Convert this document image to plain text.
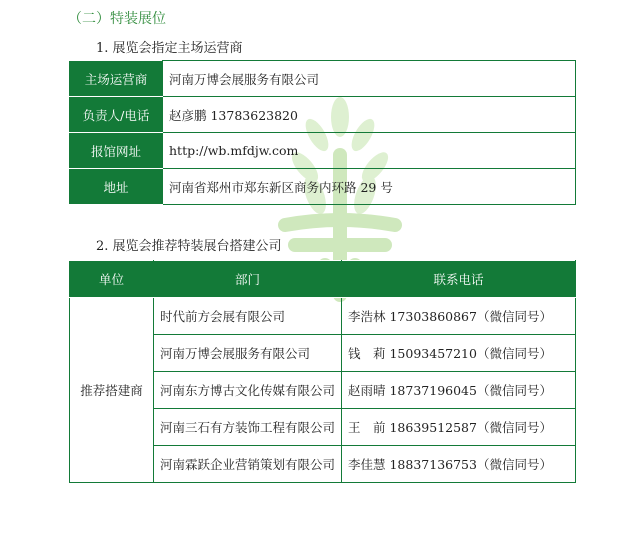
（二）特装展位
1. 展览会指定主场运营商
主场运营商	河南万博会展服务有限公司
负责人/电话	赵彦鹏 13783623820
报馆网址	http://wb.mfdjw.com
地址	河南省郑州市郑东新区商务内环路 29 号
2. 展览会推荐特装展台搭建公司
单位	部门	联系电话
推荐搭建商	时代前方会展有限公司	李浩林 17303860867（微信同号）
	河南万博会展服务有限公司	钱　莉 15093457210（微信同号）
	河南东方博古文化传媒有限公司	赵雨晴 18737196045（微信同号）
	河南三石有方装饰工程有限公司	王　前 18639512587（微信同号）
	河南霖跃企业营销策划有限公司	李佳慧 18837136753（微信同号）
